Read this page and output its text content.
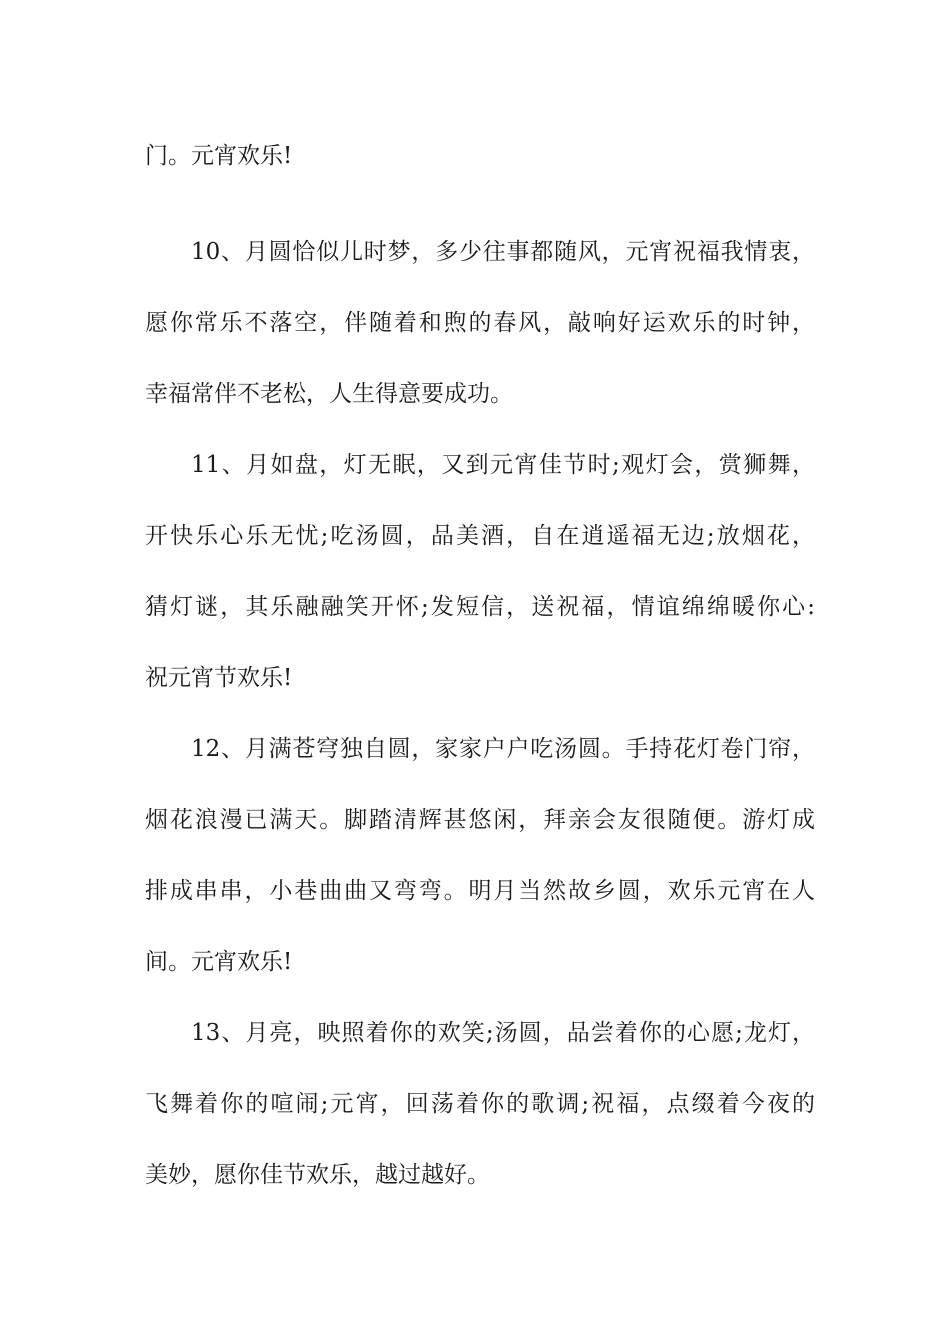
门。元宵欢乐!
10、月圆恰似儿时梦，多少往事都随风，元宵祝福我情衷，
愿你常乐不落空，伴随着和煦的春风，敲响好运欢乐的时钟，
幸福常伴不老松，人生得意要成功。
11、月如盘，灯无眠，又到元宵佳节时;观灯会，赏狮舞，
开快乐心乐无忧;吃汤圆，品美酒，自在逍遥福无边;放烟花，
猜灯谜，其乐融融笑开怀;发短信，送祝福，情谊绵绵暖你心:
祝元宵节欢乐!
12、月满苍穹独自圆，家家户户吃汤圆。手持花灯卷门帘，
烟花浪漫已满天。脚踏清辉甚悠闲，拜亲会友很随便。游灯成
排成串串，小巷曲曲又弯弯。明月当然故乡圆，欢乐元宵在人
间。元宵欢乐!
13、月亮，映照着你的欢笑;汤圆，品尝着你的心愿;龙灯，
飞舞着你的喧闹;元宵，回荡着你的歌调;祝福，点缀着今夜的
美妙，愿你佳节欢乐，越过越好。
